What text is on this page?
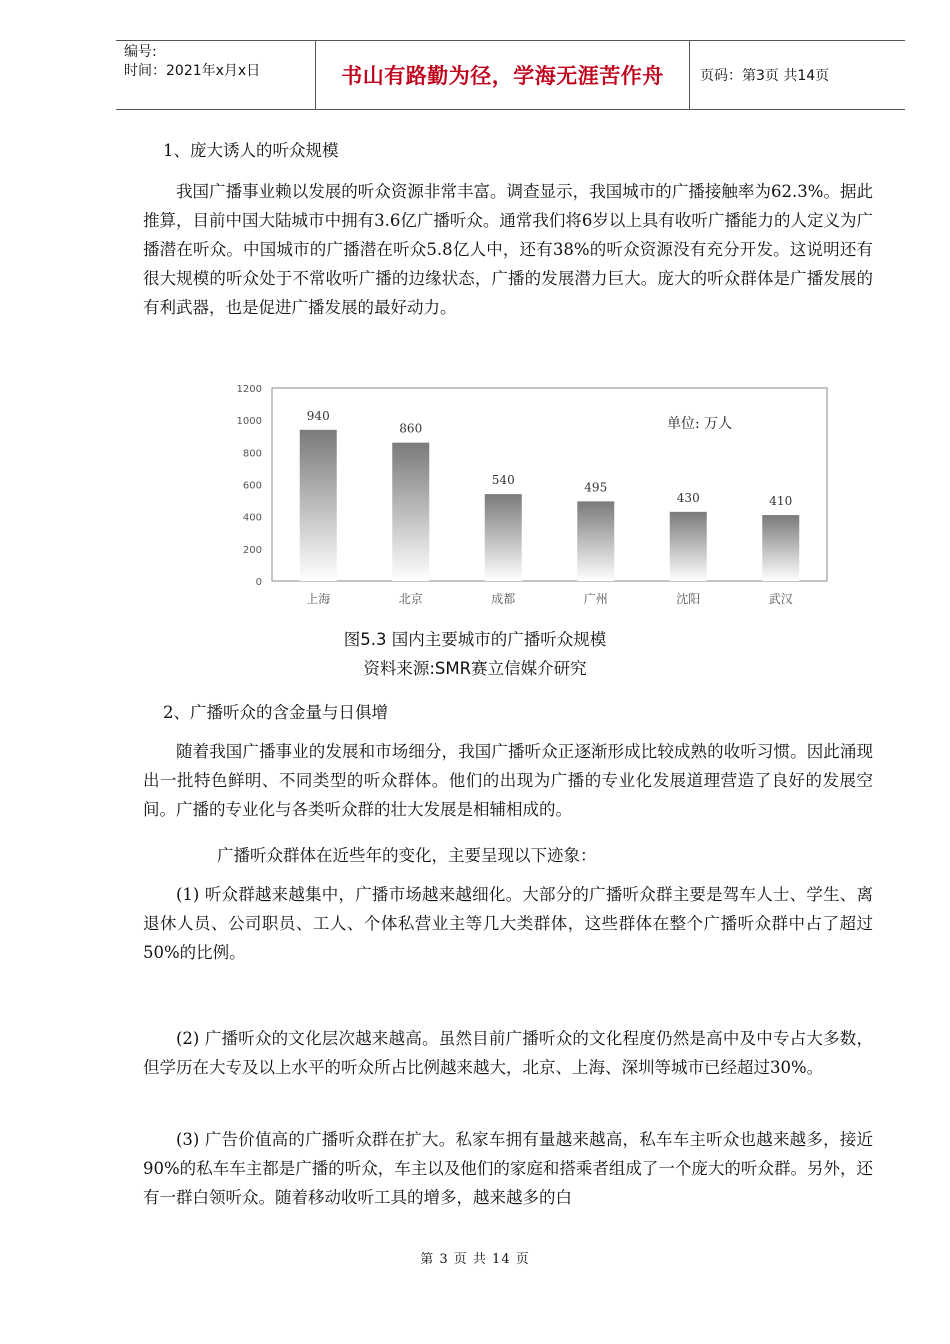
编号:
时间：2021年x月x日	书山有路勤为径，学海无涯苦作舟	页码：第3页 共14页
1、庞大诱人的听众规模

我国广播事业赖以发展的听众资源非常丰富。调查显示，我国城市的广播接触率为62.3%。据此推算，目前中国大陆城市中拥有3.6亿广播听众。通常我们将6岁以上具有收听广播能力的人定义为广播潜在听众。中国城市的广播潜在听众5.8亿人中，还有38%的听众资源没有充分开发。这说明还有很大规模的听众处于不常收听广播的边缘状态，广播的发展潜力巨大。庞大的听众群体是广播发展的有利武器，也是促进广播发展的最好动力。

0
200
400
600
800
1000
1200
上海	北京	成都	广州	沈阳	武汉
940
860
540
495
430	410
单位: 万人
图5.3 国内主要城市的广播听众规模
资料来源:SMR赛立信媒介研究
2、广播听众的含金量与日俱增

随着我国广播事业的发展和市场细分，我国广播听众正逐渐形成比较成熟的收听习惯。因此涌现出一批特色鲜明、不同类型的听众群体。他们的出现为广播的专业化发展道理营造了良好的发展空间。广播的专业化与各类听众群的壮大发展是相辅相成的。

广播听众群体在近些年的变化，主要呈现以下迹象：

(1) 听众群越来越集中，广播市场越来越细化。大部分的广播听众群主要是驾车人士、学生、离退休人员、公司职员、工人、个体私营业主等几大类群体，这些群体在整个广播听众群中占了超过50%的比例。

(2) 广播听众的文化层次越来越高。虽然目前广播听众的文化程度仍然是高中及中专占大多数，但学历在大专及以上水平的听众所占比例越来越大，北京、上海、深圳等城市已经超过30%。

(3) 广告价值高的广播听众群在扩大。私家车拥有量越来越高，私车车主听众也越来越多，接近90%的私车车主都是广播的听众，车主以及他们的家庭和搭乘者组成了一个庞大的听众群。另外，还有一群白领听众。随着移动收听工具的增多，越来越多的白

第 3 页 共 14 页
